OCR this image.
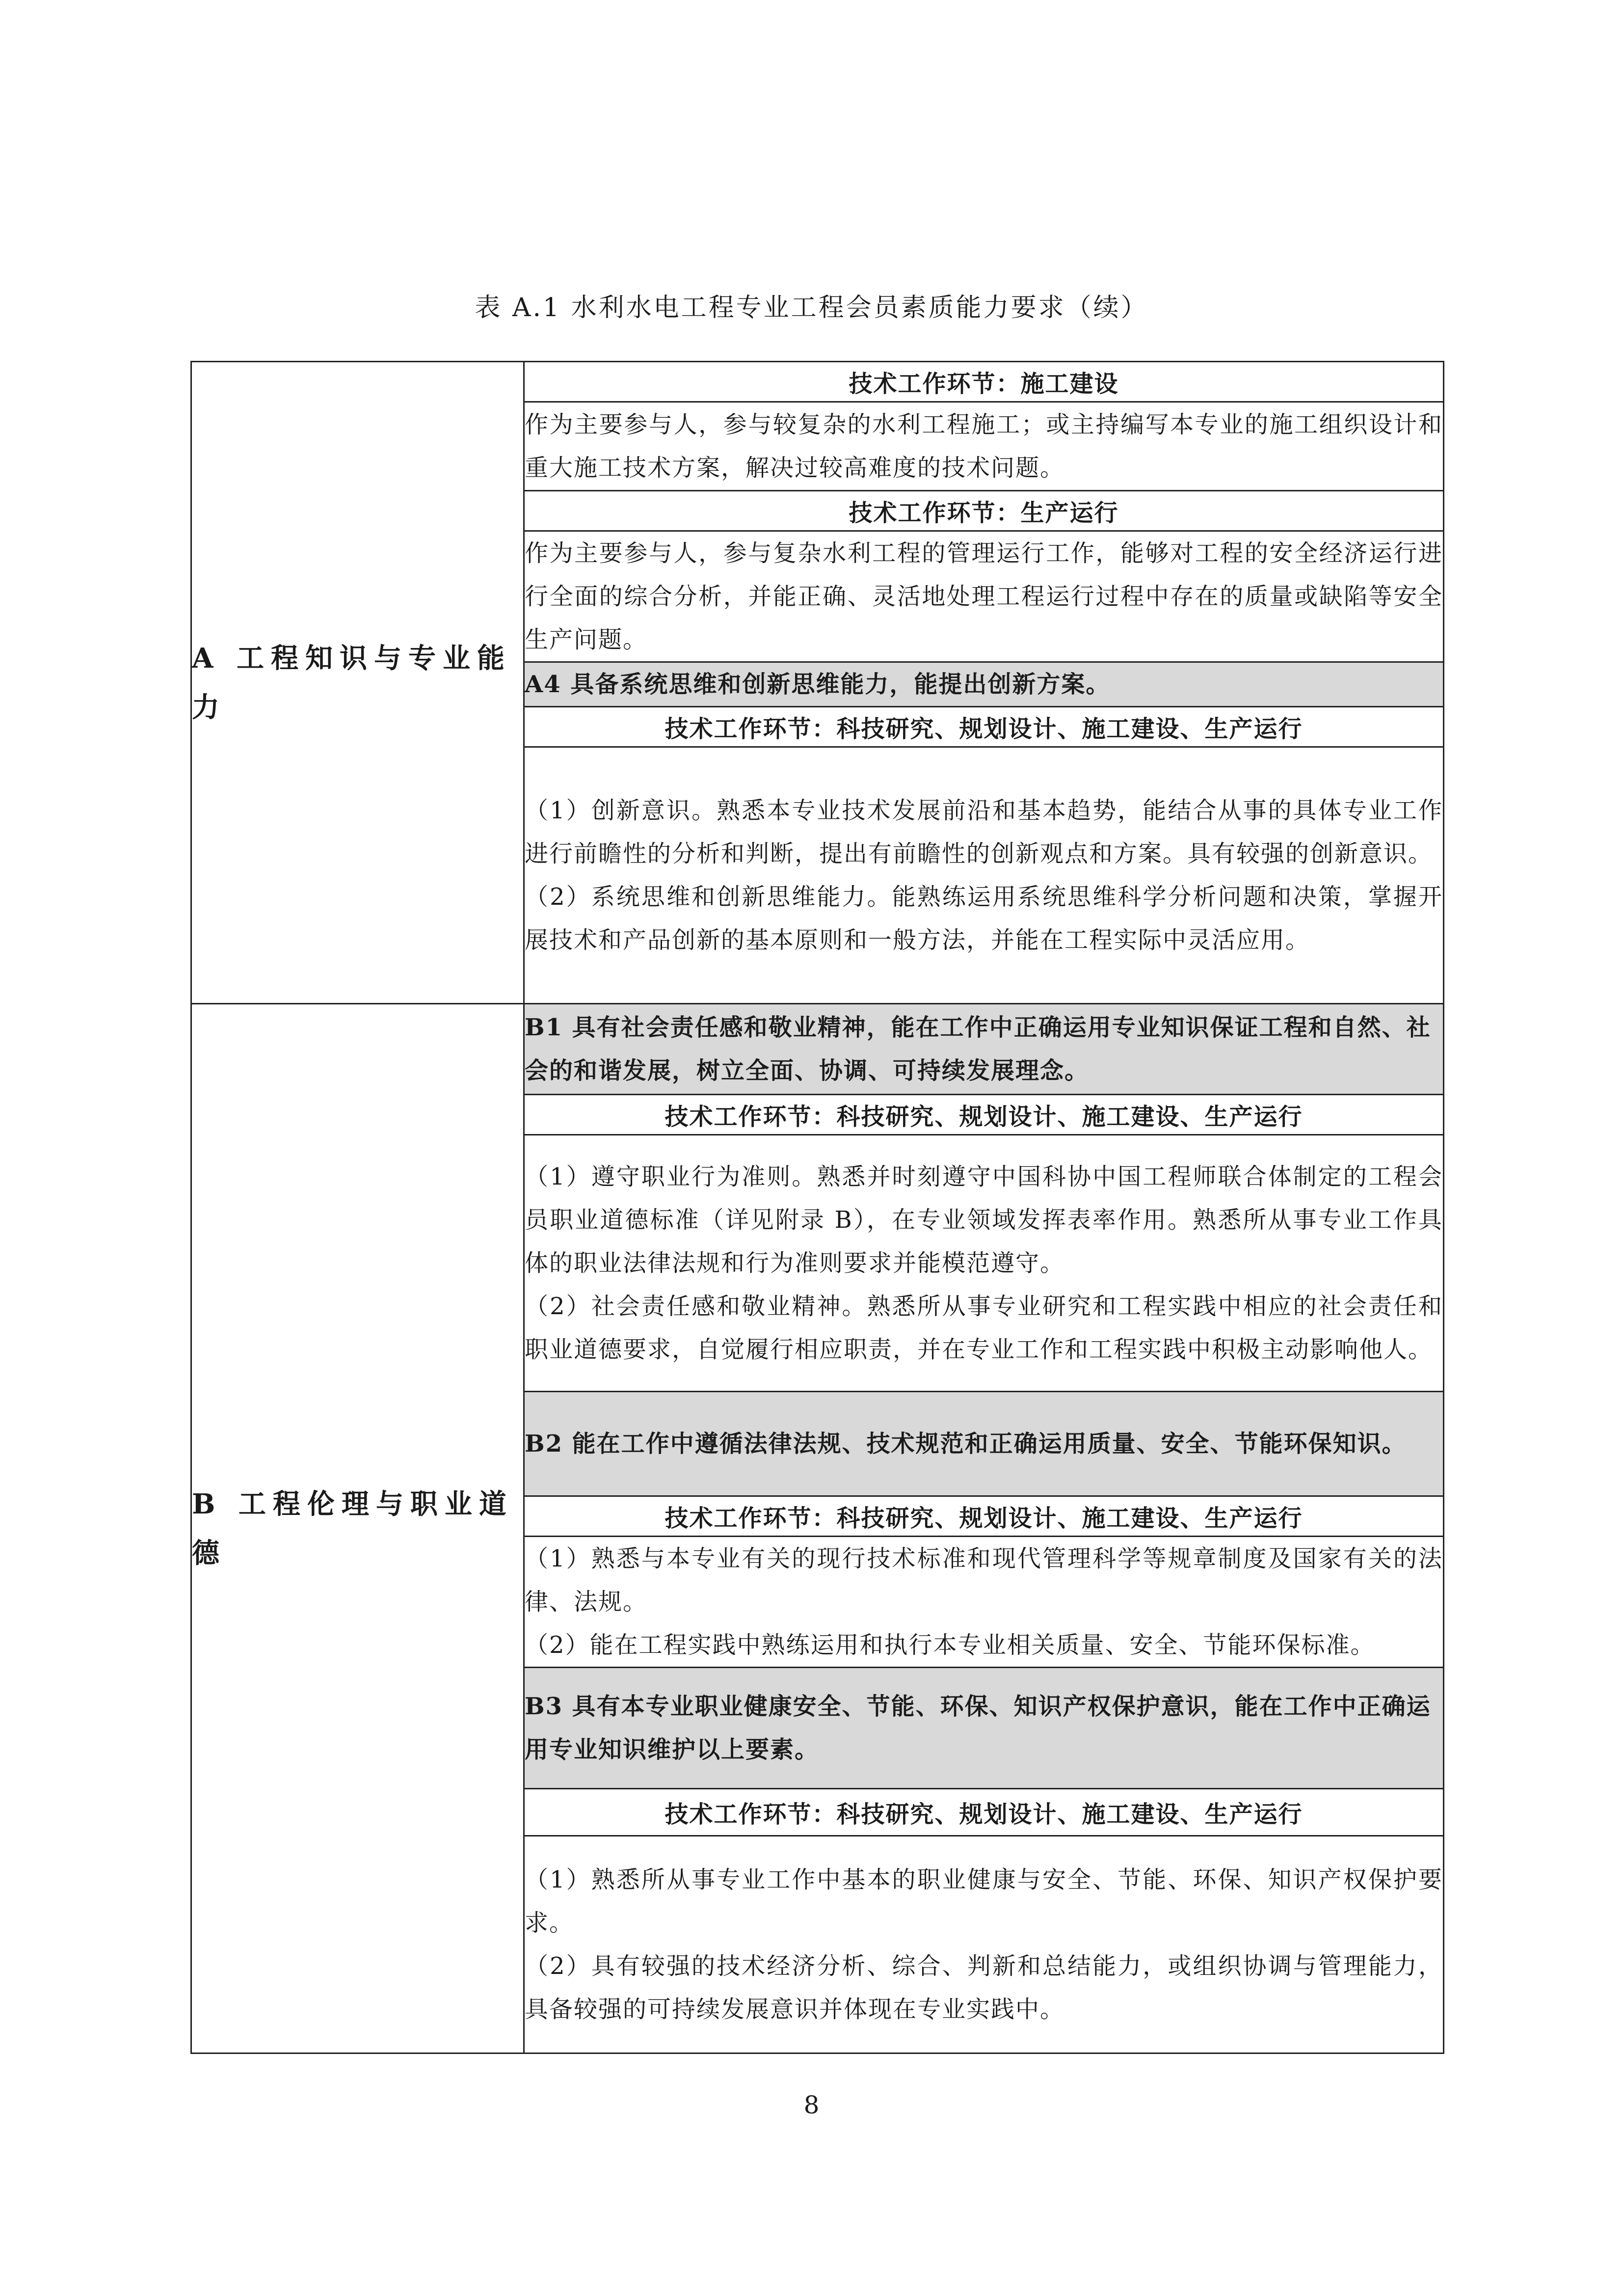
表 A.1 水利水电工程专业工程会员素质能力要求（续）
A 工程知识与专业能力	技术工作环节：施工建设
	作为主要参与人，参与较复杂的水利工程施工；或主持编写本专业的施工组织设计和重大施工技术方案，解决过较高难度的技术问题。
	技术工作环节：生产运行
	作为主要参与人，参与复杂水利工程的管理运行工作，能够对工程的安全经济运行进行全面的综合分析，并能正确、灵活地处理工程运行过程中存在的质量或缺陷等安全生产问题。
	A4 具备系统思维和创新思维能力，能提出创新方案。
	技术工作环节：科技研究、规划设计、施工建设、生产运行

	（1）创新意识。熟悉本专业技术发展前沿和基本趋势，能结合从事的具体专业工作进行前瞻性的分析和判断，提出有前瞻性的创新观点和方案。具有较强的创新意识。

（2）系统思维和创新思维能力。能熟练运用系统思维科学分析问题和决策，掌握开展技术和产品创新的基本原则和一般方法，并能在工程实际中灵活应用。

B 工程伦理与职业道德	B1 具有社会责任感和敬业精神，能在工作中正确运用专业知识保证工程和自然、社会的和谐发展，树立全面、协调、可持续发展理念。
	技术工作环节：科技研究、规划设计、施工建设、生产运行

	（1）遵守职业行为准则。熟悉并时刻遵守中国科协中国工程师联合体制定的工程会员职业道德标准（详见附录 B），在专业领域发挥表率作用。熟悉所从事专业工作具体的职业法律法规和行为准则要求并能模范遵守。

（2）社会责任感和敬业精神。熟悉所从事专业研究和工程实践中相应的社会责任和职业道德要求，自觉履行相应职责，并在专业工作和工程实践中积极主动影响他人。

	B2 能在工作中遵循法律法规、技术规范和正确运用质量、安全、节能环保知识。
	技术工作环节：科技研究、规划设计、施工建设、生产运行

	（1）熟悉与本专业有关的现行技术标准和现代管理科学等规章制度及国家有关的法律、法规。

（2）能在工程实践中熟练运用和执行本专业相关质量、安全、节能环保标准。

	B3 具有本专业职业健康安全、节能、环保、知识产权保护意识，能在工作中正确运用专业知识维护以上要素。
	技术工作环节：科技研究、规划设计、施工建设、生产运行

	（1）熟悉所从事专业工作中基本的职业健康与安全、节能、环保、知识产权保护要求。

（2）具有较强的技术经济分析、综合、判新和总结能力，或组织协调与管理能力，具备较强的可持续发展意识并体现在专业实践中。

8
